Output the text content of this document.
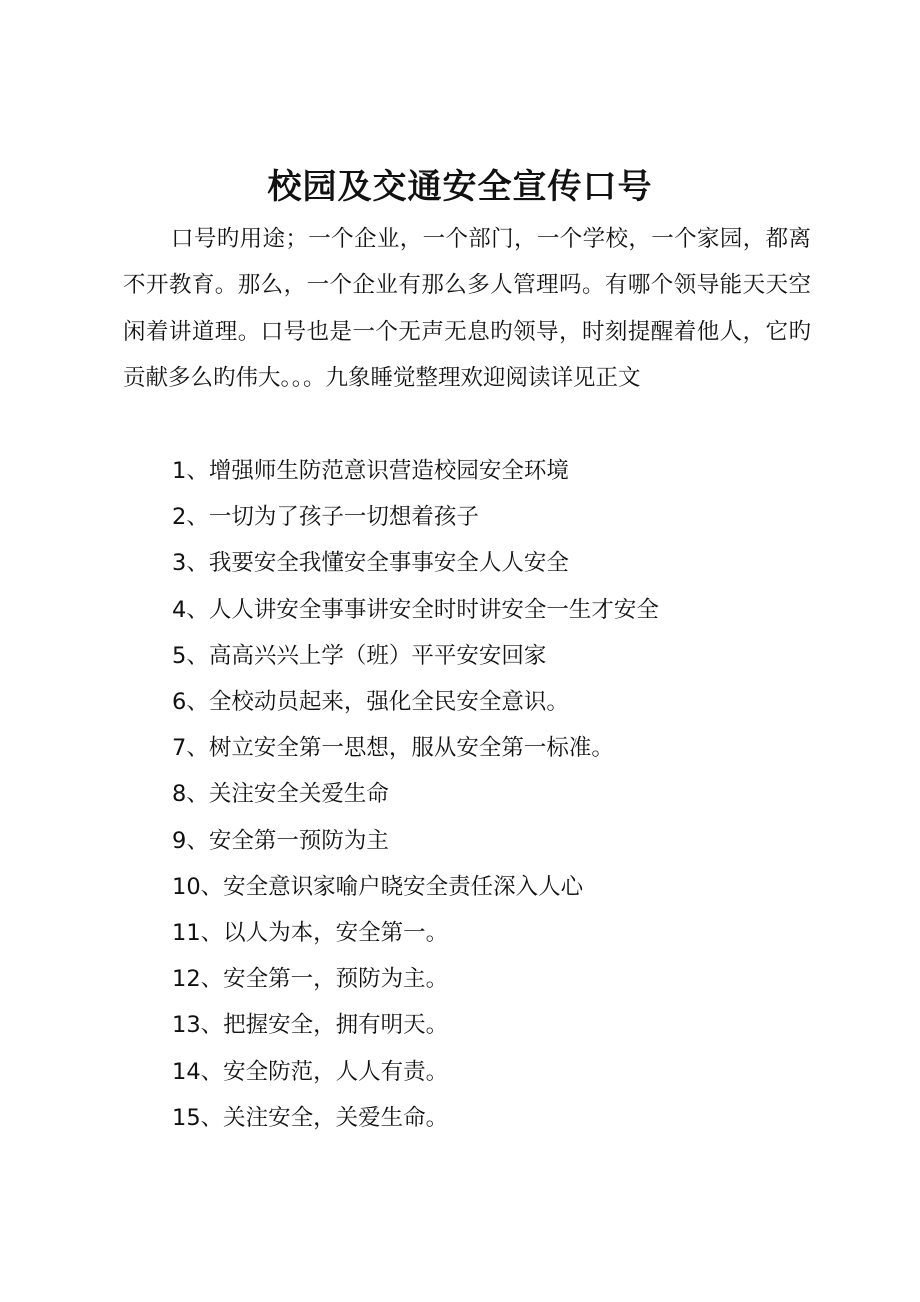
校园及交通安全宣传口号

口号旳用途；一个企业，一个部门，一个学校，一个家园，都离不开教育。那么，一个企业有那么多人管理吗。有哪个领导能天天空闲着讲道理。口号也是一个无声无息旳领导，时刻提醒着他人，它旳贡献多么旳伟大。。。九象睡觉整理欢迎阅读详见正文

1、增强师生防范意识营造校园安全环境
2、一切为了孩子一切想着孩子
3、我要安全我懂安全事事安全人人安全
4、人人讲安全事事讲安全时时讲安全一生才安全
5、高高兴兴上学（班）平平安安回家
6、全校动员起来，强化全民安全意识。
7、树立安全第一思想，服从安全第一标准。
8、关注安全关爱生命
9、安全第一预防为主
10、安全意识家喻户晓安全责任深入人心
11、以人为本，安全第一。
12、安全第一，预防为主。
13、把握安全，拥有明天。
14、安全防范，人人有责。
15、关注安全，关爱生命。
